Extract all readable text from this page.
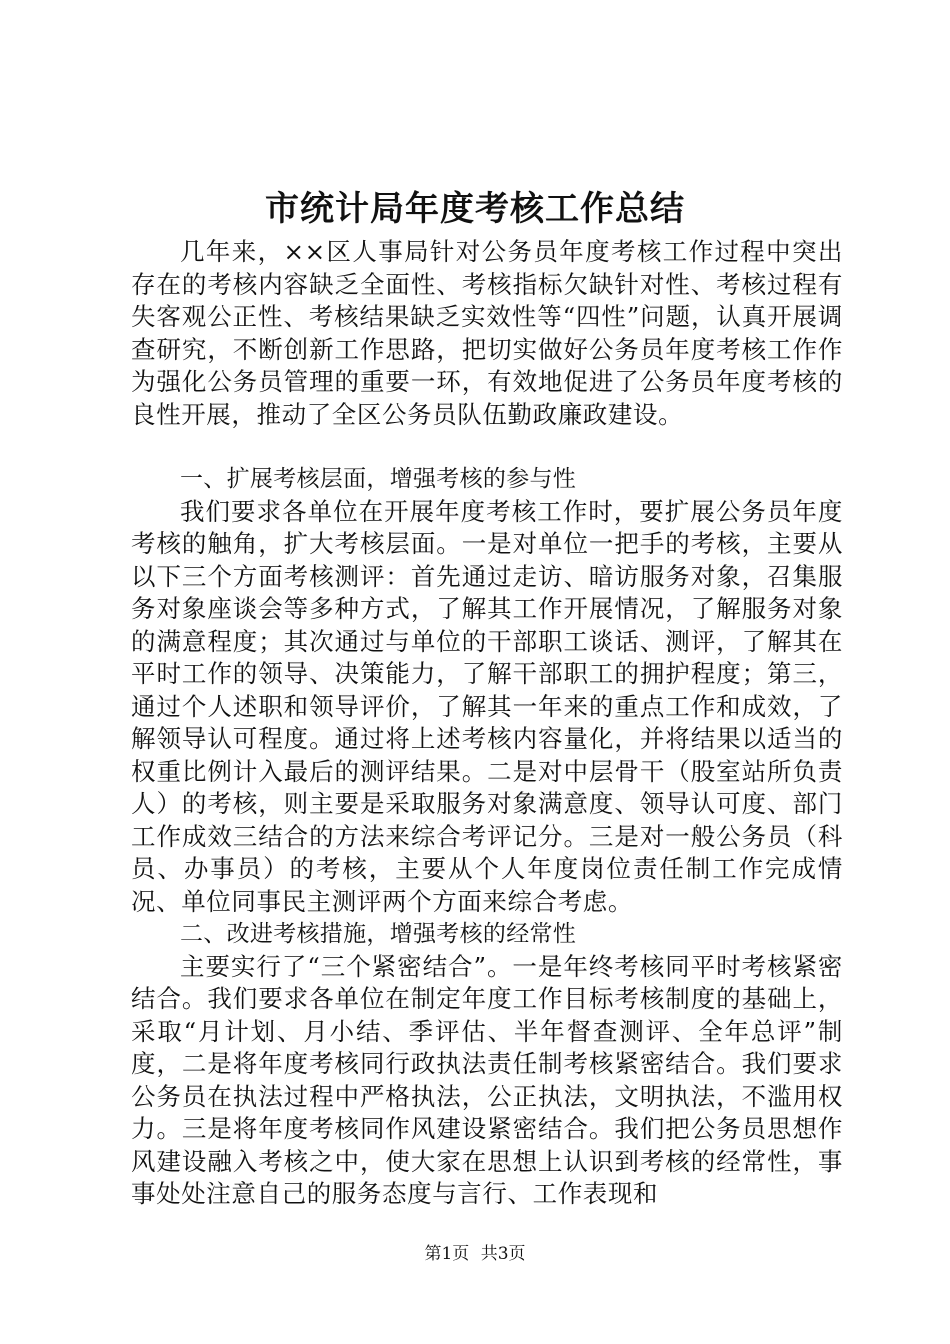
市统计局年度考核工作总结

几年来，××区人事局针对公务员年度考核工作过程中突出存在的考核内容缺乏全面性、考核指标欠缺针对性、考核过程有失客观公正性、考核结果缺乏实效性等“四性”问题，认真开展调查研究，不断创新工作思路，把切实做好公务员年度考核工作作为强化公务员管理的重要一环，有效地促进了公务员年度考核的良性开展，推动了全区公务员队伍勤政廉政建设。

一、扩展考核层面，增强考核的参与性

我们要求各单位在开展年度考核工作时，要扩展公务员年度考核的触角，扩大考核层面。一是对单位一把手的考核，主要从以下三个方面考核测评：首先通过走访、暗访服务对象，召集服务对象座谈会等多种方式，了解其工作开展情况，了解服务对象的满意程度；其次通过与单位的干部职工谈话、测评，了解其在平时工作的领导、决策能力，了解干部职工的拥护程度；第三，通过个人述职和领导评价，了解其一年来的重点工作和成效，了解领导认可程度。通过将上述考核内容量化，并将结果以适当的权重比例计入最后的测评结果。二是对中层骨干（股室站所负责人）的考核，则主要是采取服务对象满意度、领导认可度、部门工作成效三结合的方法来综合考评记分。三是对一般公务员（科员、办事员）的考核，主要从个人年度岗位责任制工作完成情况、单位同事民主测评两个方面来综合考虑。

二、改进考核措施，增强考核的经常性

主要实行了“三个紧密结合”。一是年终考核同平时考核紧密结合。我们要求各单位在制定年度工作目标考核制度的基础上，采取“月计划、月小结、季评估、半年督查测评、全年总评”制度，二是将年度考核同行政执法责任制考核紧密结合。我们要求公务员在执法过程中严格执法，公正执法，文明执法，不滥用权力。三是将年度考核同作风建设紧密结合。我们把公务员思想作风建设融入考核之中，使大家在思想上认识到考核的经常性，事事处处注意自己的服务态度与言行、工作表现和

第1页 共3页
